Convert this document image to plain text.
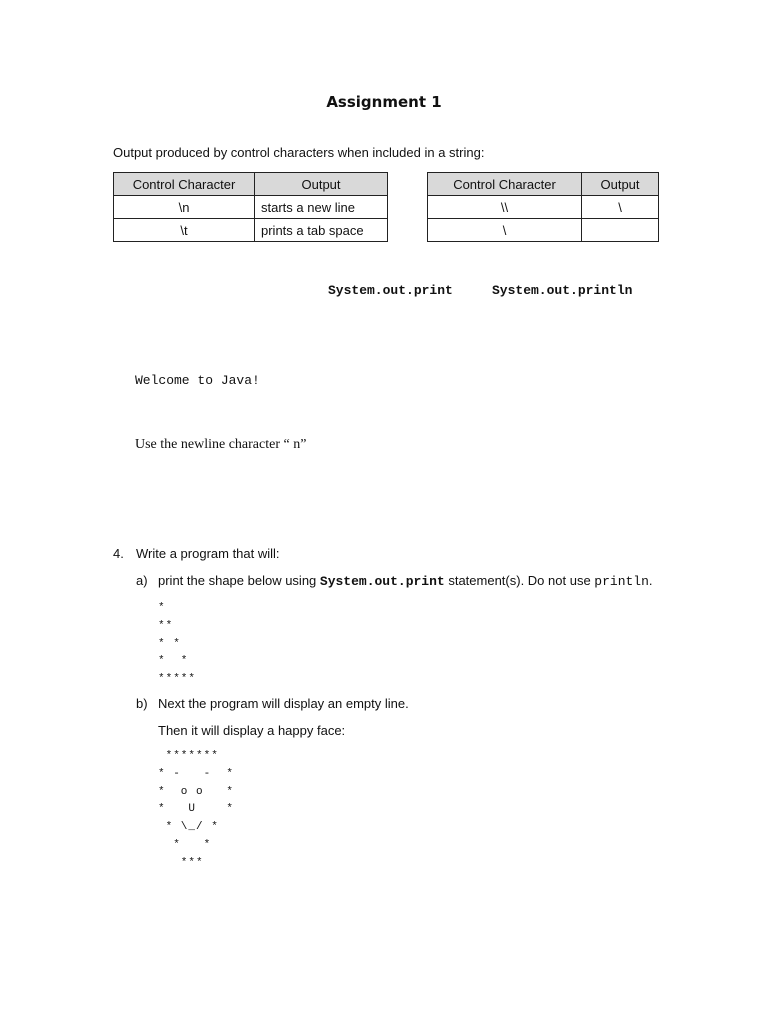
Assignment 1
Output produced by control characters when included in a string:
Control Character	Output
\n	starts a new line
\t	prints a tab space
Control Character	Output
\\	\
\	
System.out.print	System.out.println
Welcome to Java!
Use the newline character “ n”
4. Write a program that will:
a) print the shape below using System.out.print statement(s). Do not use println.
*
**
* *
*  *
*****
b) Next the program will display an empty line.
Then it will display a happy face:
*******
* -   -  *
*  o o   *
*   U    *
* \_/ *
*   *
***
